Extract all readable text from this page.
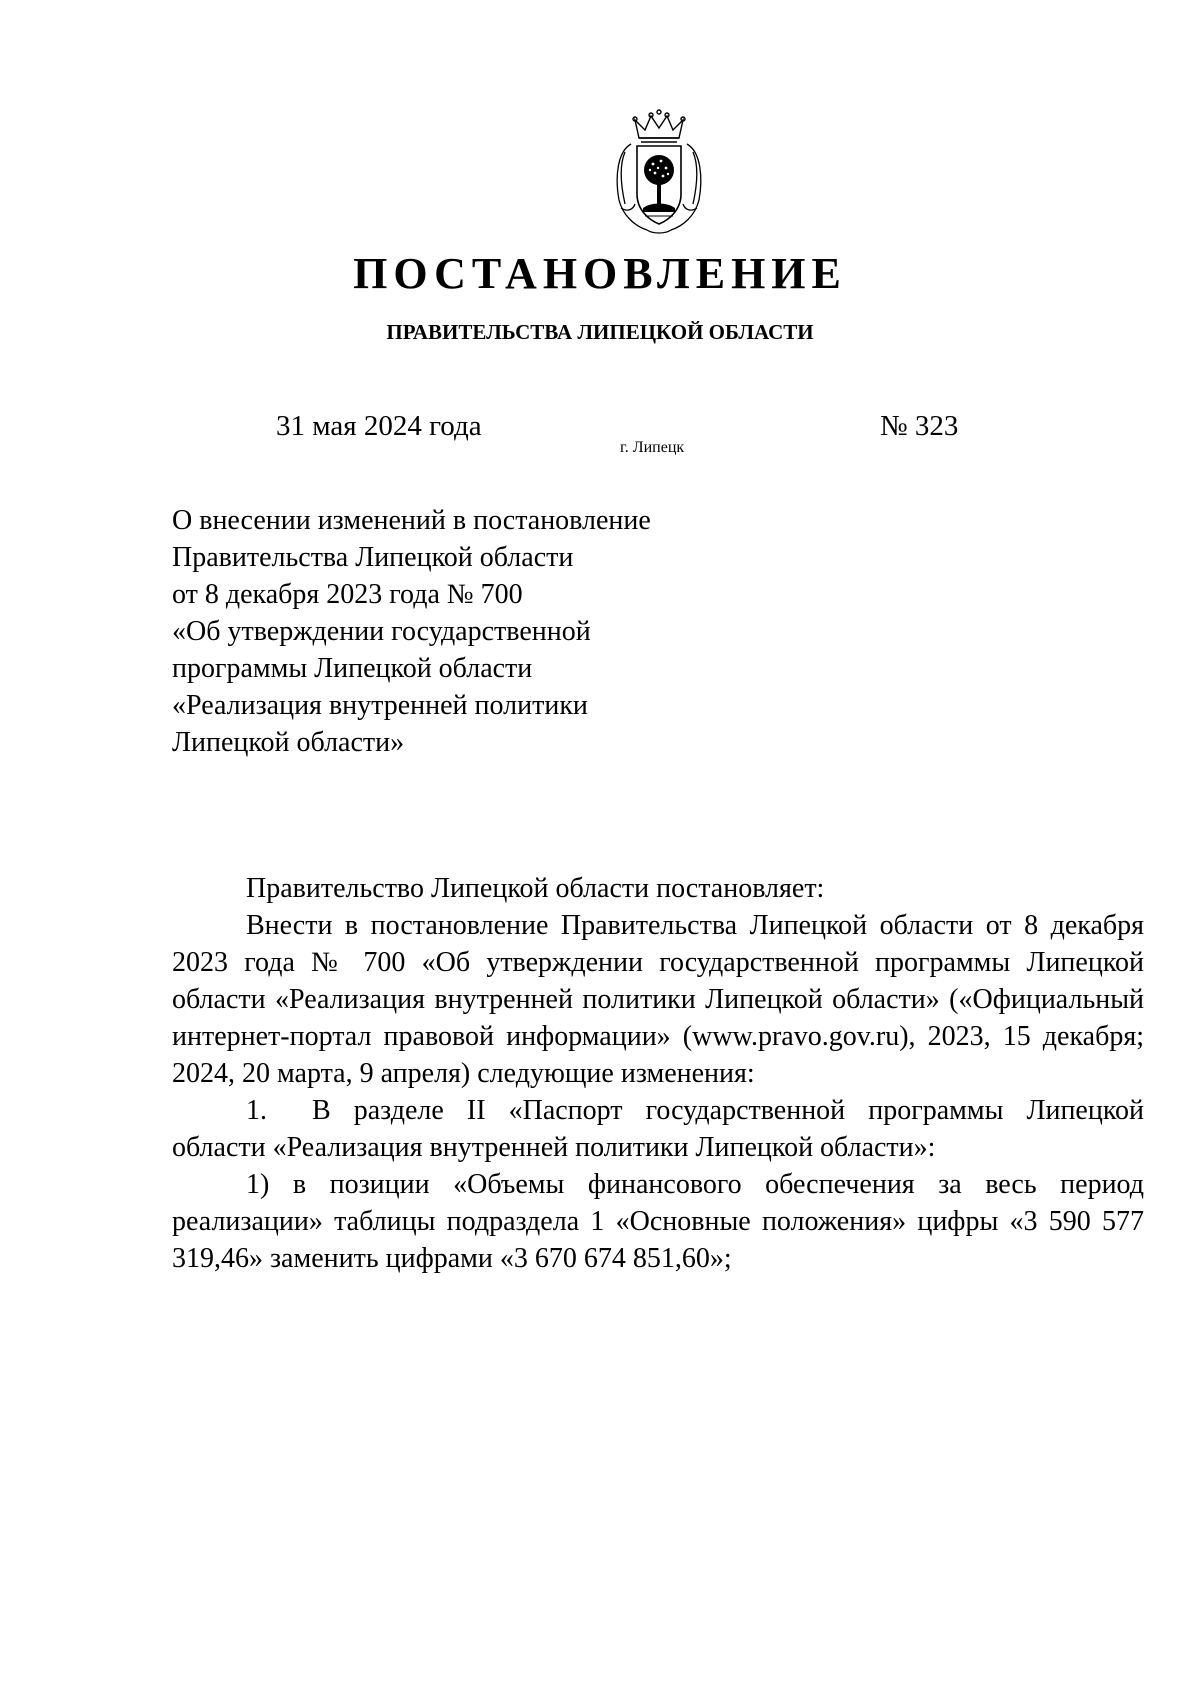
ПОСТАНОВЛЕНИЕ
ПРАВИТЕЛЬСТВА ЛИПЕЦКОЙ ОБЛАСТИ
31 мая 2024 года
г. Липецк
№ 323
О внесении изменений в постановление
Правительства Липецкой области
от 8 декабря 2023 года № 700
«Об утверждении государственной
программы Липецкой области
«Реализация внутренней политики
Липецкой области»

Правительство Липецкой области постановляет:

Внести в постановление Правительства Липецкой области от 8 декабря 2023 года № 700 «Об утверждении государственной программы Липецкой области «Реализация внутренней политики Липецкой области» («Официальный интернет-портал правовой информации» (www.pravo.gov.ru), 2023, 15 декабря; 2024, 20 марта, 9 апреля) следующие изменения:

1. В разделе II «Паспорт государственной программы Липецкой области «Реализация внутренней политики Липецкой области»:

1) в позиции «Объемы финансового обеспечения за весь период реализации» таблицы подраздела 1 «Основные положения» цифры «3 590 577 319,46» заменить цифрами «3 670 674 851,60»;
